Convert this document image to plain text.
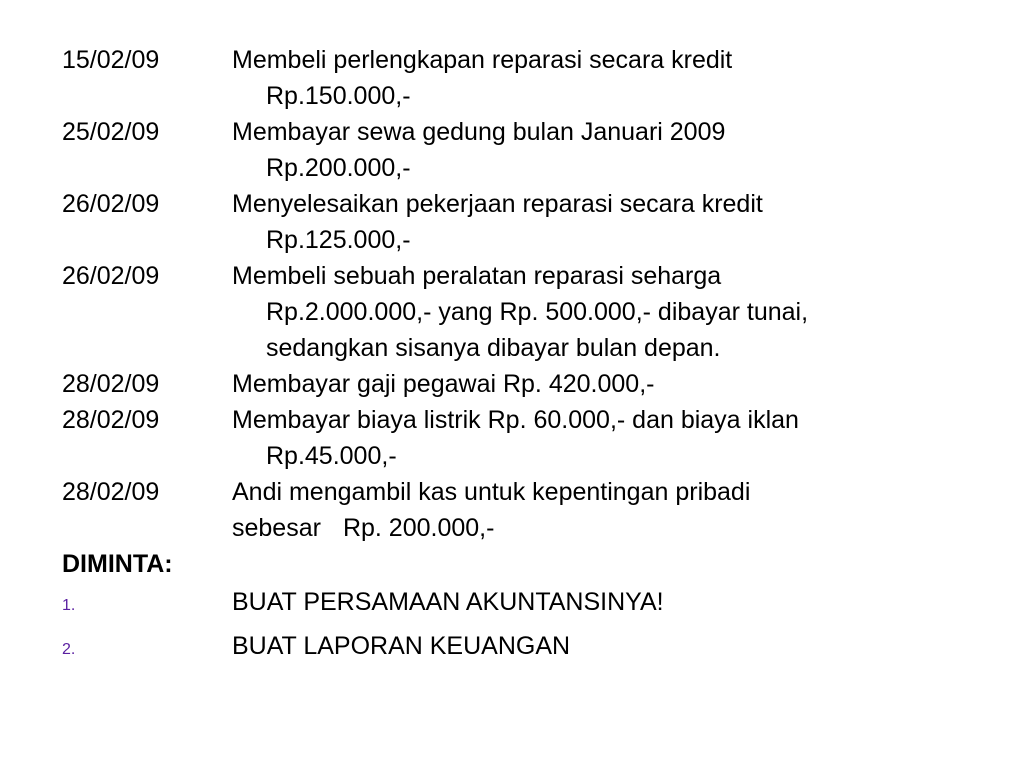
15/02/09	Membeli perlengkapan reparasi secara kredit
Rp.150.000,-
25/02/09	Membayar sewa gedung bulan Januari 2009
Rp.200.000,-
26/02/09	Menyelesaikan pekerjaan reparasi secara kredit
Rp.125.000,-
26/02/09	Membeli sebuah peralatan reparasi seharga
Rp.2.000.000,- yang Rp. 500.000,- dibayar tunai,
sedangkan sisanya dibayar bulan depan.
28/02/09	Membayar gaji pegawai Rp. 420.000,-
28/02/09	Membayar biaya listrik Rp. 60.000,- dan biaya iklan
Rp.45.000,-
28/02/09	Andi mengambil kas untuk kepentingan pribadi
sebesar Rp. 200.000,-
DIMINTA:
1.	BUAT PERSAMAAN AKUNTANSINYA!
2.	BUAT LAPORAN KEUANGAN
